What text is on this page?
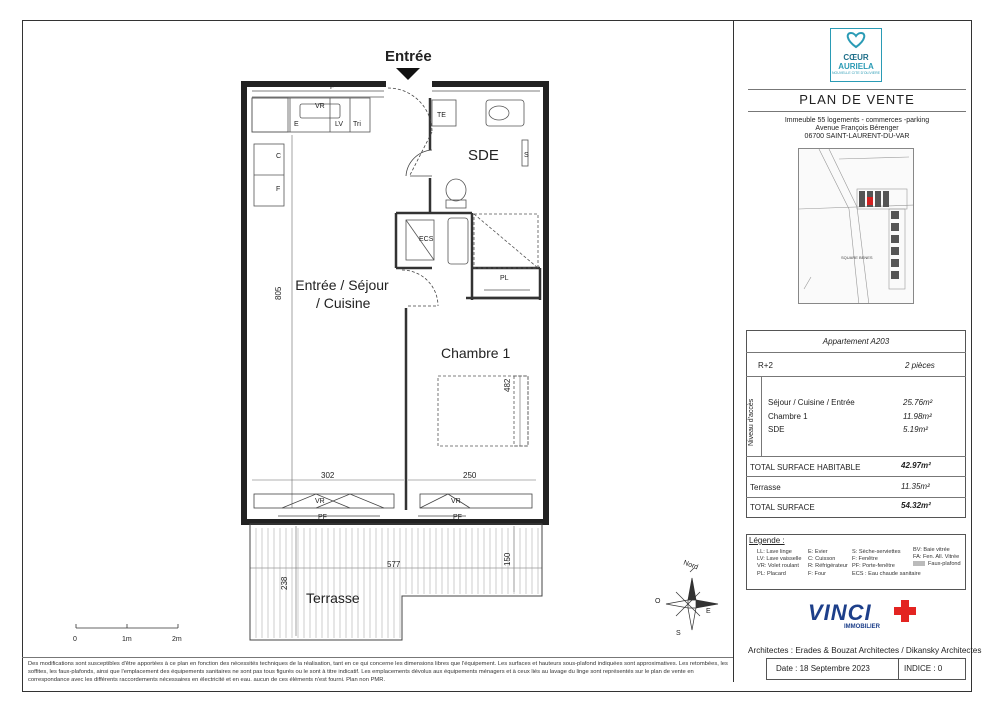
Entrée
Entrée / Séjour
/ Cuisine
SDE
Chambre 1
Terrasse
F
VR
E	LV Tri
C
F
TE
S
ECS
PL
VR	VR
PF	PF
805
482
302	250
577	150
238
0	1m	2m
Nord
O
E
S
CŒUR
AURIELA
NOUVELLE CITE D'OLIVIERE
PLAN DE VENTE
Immeuble 55 logements - commerces -parking
Avenue François Bérenger
06700 SAINT-LAURENT-DU-VAR
SQUARE BENES
Appartement A203
R+2	2 pièces
Niveau d'accès Séjour / Cuisine / Entrée	25.76m²
Chambre 1	11.98m²
SDE	5.19m²
TOTAL SURFACE HABITABLE	42.97m²
Terrasse	11.35m²
TOTAL SURFACE	54.32m²
Légende :
LL: Lave linge
LV: Lave vaisselle
VR: Volet roulant
PL: Placard
E: Evier
C: Cuisson
R: Réfrigérateur
F: Four
S: Sèche-serviettes
F: Fenêtre
PF: Porte-fenêtre
ECS : Eau chaude sanitaire
BV: Baie vitrée
FA: Fen. All. Vitrée
Faux-plafond
VINCI
IMMOBILIER
Architectes : Erades & Bouzat Architectes / Dikansky Architectes
Date : 18 Septembre 2023	INDICE : 0
Des modifications sont susceptibles d'être apportées à ce plan en fonction des nécessités techniques de la réalisation, tant en ce qui concerne les dimensions libres que l'équipement. Les surfaces et hauteurs sous-plafond indiquées sont approximatives. Les retombées, les
soffites, les faux-plafonds, ainsi que l'emplacement des équipements sanitaires ne sont pas tous figurés ou le sont à titre indicatif. Les emplacements dévolus aux équipements ménagers et à ceux liés au lavage du linge sont représentés sur le plan de vente en
correspondance avec les différents raccordements nécessaires en électricité et en eau. aucun de ces éléments n'est fourni. Plan non PMR.
